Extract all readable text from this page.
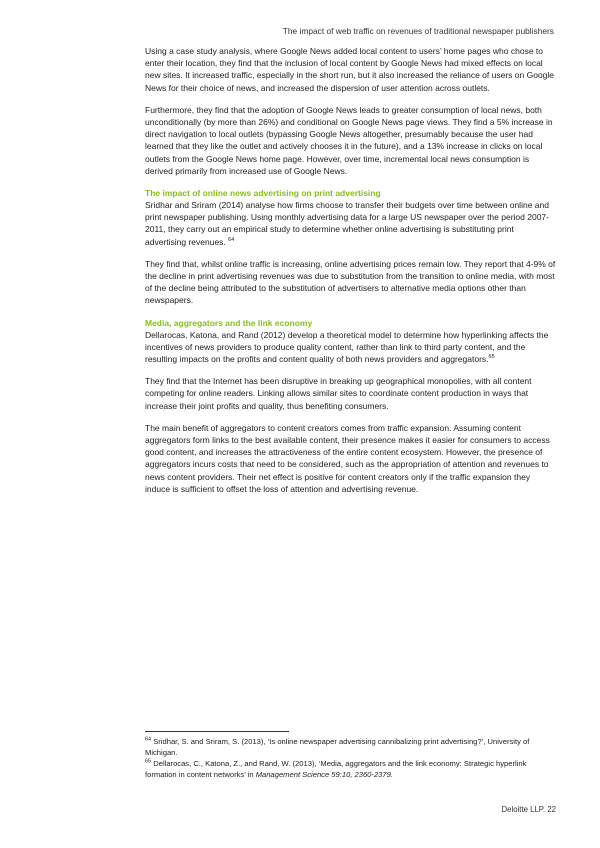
The impact of web traffic on revenues of traditional newspaper publishers

Using a case study analysis, where Google News added local content to users’ home pages who chose to enter their location, they find that the inclusion of local content by Google News had mixed effects on local new sites. It increased traffic, especially in the short run, but it also increased the reliance of users on Google News for their choice of news, and increased the dispersion of user attention across outlets.

Furthermore, they find that the adoption of Google News leads to greater consumption of local news, both unconditionally (by more than 26%) and conditional on Google News page views. They find a 5% increase in direct navigation to local outlets (bypassing Google News altogether, presumably because the user had learned that they like the outlet and actively chooses it in the future), and a 13% increase in clicks on local outlets from the Google News home page. However, over time, incremental local news consumption is derived primarily from increased use of Google News.

The impact of online news advertising on print advertising

Sridhar and Sriram (2014) analyse how firms choose to transfer their budgets over time between online and print newspaper publishing. Using monthly advertising data for a large US newspaper over the period 2007-2011, they carry out an empirical study to determine whether online advertising is substituting print advertising revenues. $^{64}$

They find that, whilst online traffic is increasing, online advertising prices remain low. They report that 4-9% of the decline in print advertising revenues was due to substitution from the transition to online media, with most of the decline being attributed to the substitution of advertisers to alternative media options other than newspapers.

Media, aggregators and the link economy

Dellarocas, Katona, and Rand (2012) develop a theoretical model to determine how hyperlinking affects the incentives of news providers to produce quality content, rather than link to third party content, and the resulting impacts on the profits and content quality of both news providers and aggregators.$^{65}$

They find that the Internet has been disruptive in breaking up geographical monopolies, with all content competing for online readers. Linking allows similar sites to coordinate content production in ways that increase their joint profits and quality, thus benefiting consumers.

The main benefit of aggregators to content creators comes from traffic expansion. Assuming content aggregators form links to the best available content, their presence makes it easier for consumers to access good content, and increases the attractiveness of the entire content ecosystem. However, the presence of aggregators incurs costs that need to be considered, such as the appropriation of attention and revenues to news content providers. Their net effect is positive for content creators only if the traffic expansion they induce is sufficient to offset the loss of attention and advertising revenue.

$^{64}$ Sridhar, S. and Sriram, S. (2013), ‘Is online newspaper advertising cannibalizing print advertising?’, University of Michigan.

$^{65}$ Dellarocas, C., Katona, Z., and Rand, W. (2013), ‘Media, aggregators and the link economy: Strategic hyperlink formation in content networks’ in Management Science 59:10, 2360-2379.

Deloitte LLP. 22
